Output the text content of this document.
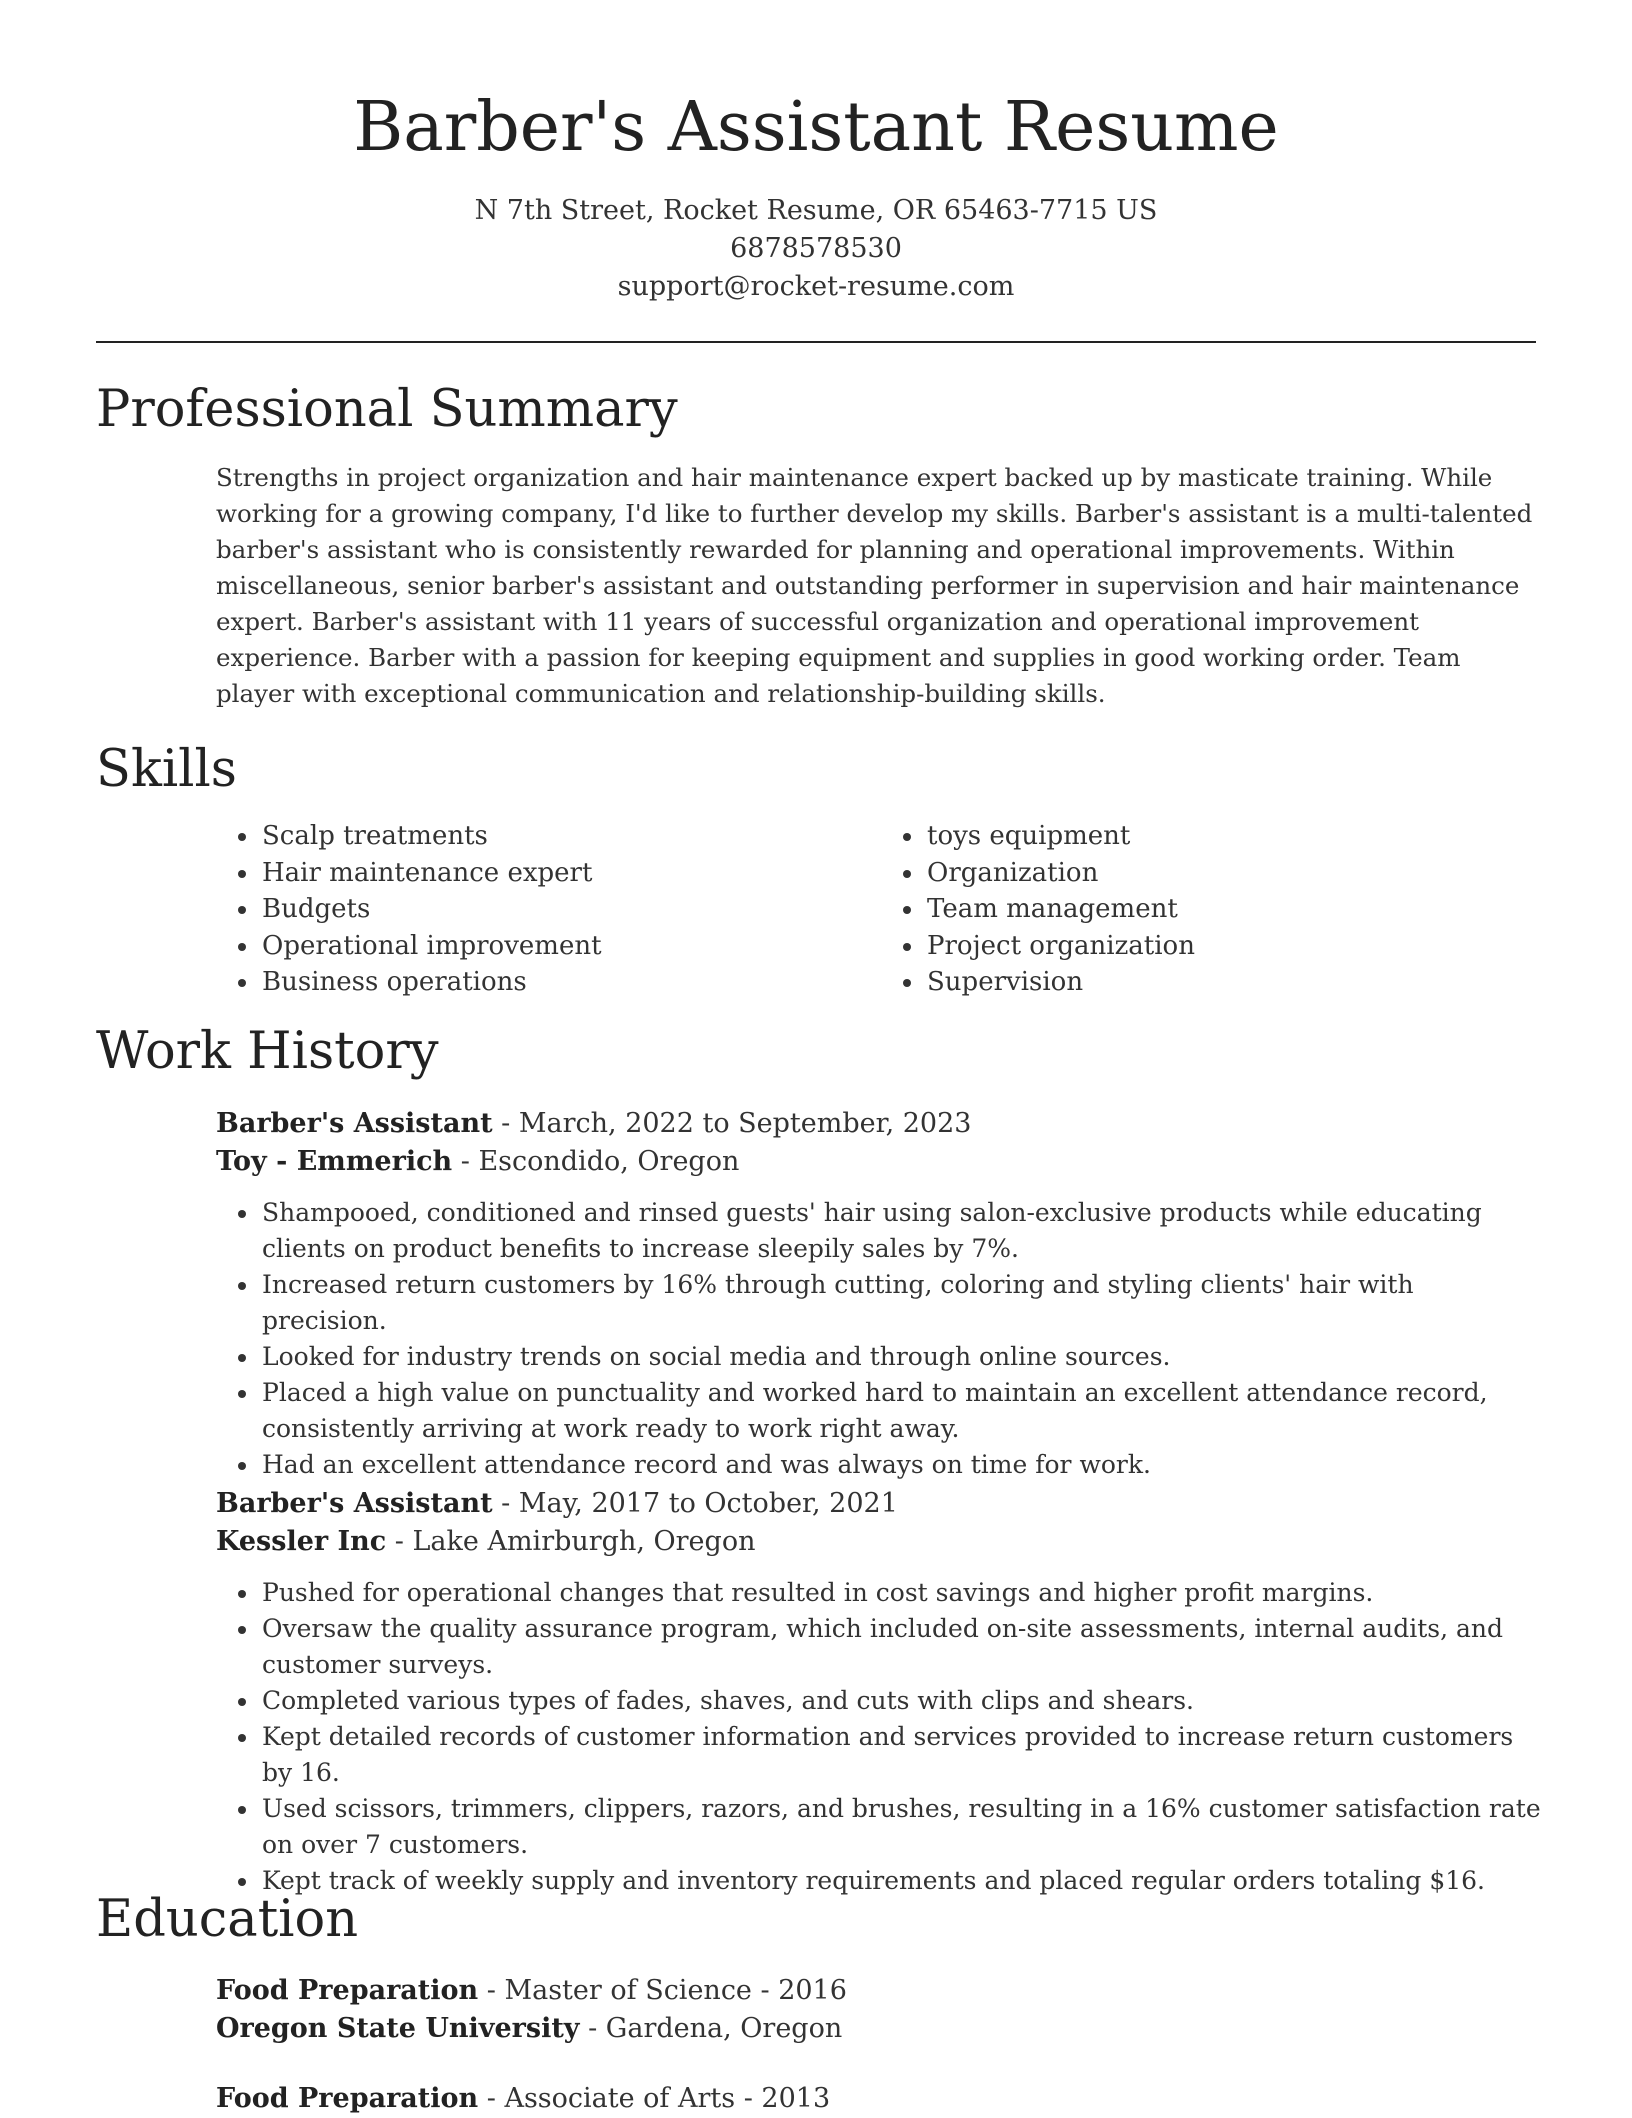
Barber's Assistant Resume
N 7th Street, Rocket Resume, OR 65463-7715 US
6878578530
support@rocket-resume.com
Professional Summary

Strengths in project organization and hair maintenance expert backed up by masticate training. While working for a growing company, I'd like to further develop my skills. Barber's assistant is a multi-talented barber's assistant who is consistently rewarded for planning and operational improvements. Within miscellaneous, senior barber's assistant and outstanding performer in supervision and hair maintenance expert. Barber's assistant with 11 years of successful organization and operational improvement experience. Barber with a passion for keeping equipment and supplies in good working order. Team player with exceptional communication and relationship-building skills.

Skills
• Scalp treatments
• Hair maintenance expert
• Budgets
• Operational improvement
• Business operations
• toys equipment
• Organization
• Team management
• Project organization
• Supervision
Work History
Barber's Assistant - March, 2022 to September, 2023
Toy - Emmerich - Escondido, Oregon
• Shampooed, conditioned and rinsed guests' hair using salon-exclusive products while educating clients on product benefits to increase sleepily sales by 7%.
• Increased return customers by 16% through cutting, coloring and styling clients' hair with precision.
• Looked for industry trends on social media and through online sources.
• Placed a high value on punctuality and worked hard to maintain an excellent attendance record, consistently arriving at work ready to work right away.
• Had an excellent attendance record and was always on time for work.
Barber's Assistant - May, 2017 to October, 2021
Kessler Inc - Lake Amirburgh, Oregon
• Pushed for operational changes that resulted in cost savings and higher profit margins.
• Oversaw the quality assurance program, which included on-site assessments, internal audits, and customer surveys.
• Completed various types of fades, shaves, and cuts with clips and shears.
• Kept detailed records of customer information and services provided to increase return customers by 16.
• Used scissors, trimmers, clippers, razors, and brushes, resulting in a 16% customer satisfaction rate on over 7 customers.
• Kept track of weekly supply and inventory requirements and placed regular orders totaling $16.
Education
Food Preparation - Master of Science - 2016
Oregon State University - Gardena, Oregon
Food Preparation - Associate of Arts - 2013
